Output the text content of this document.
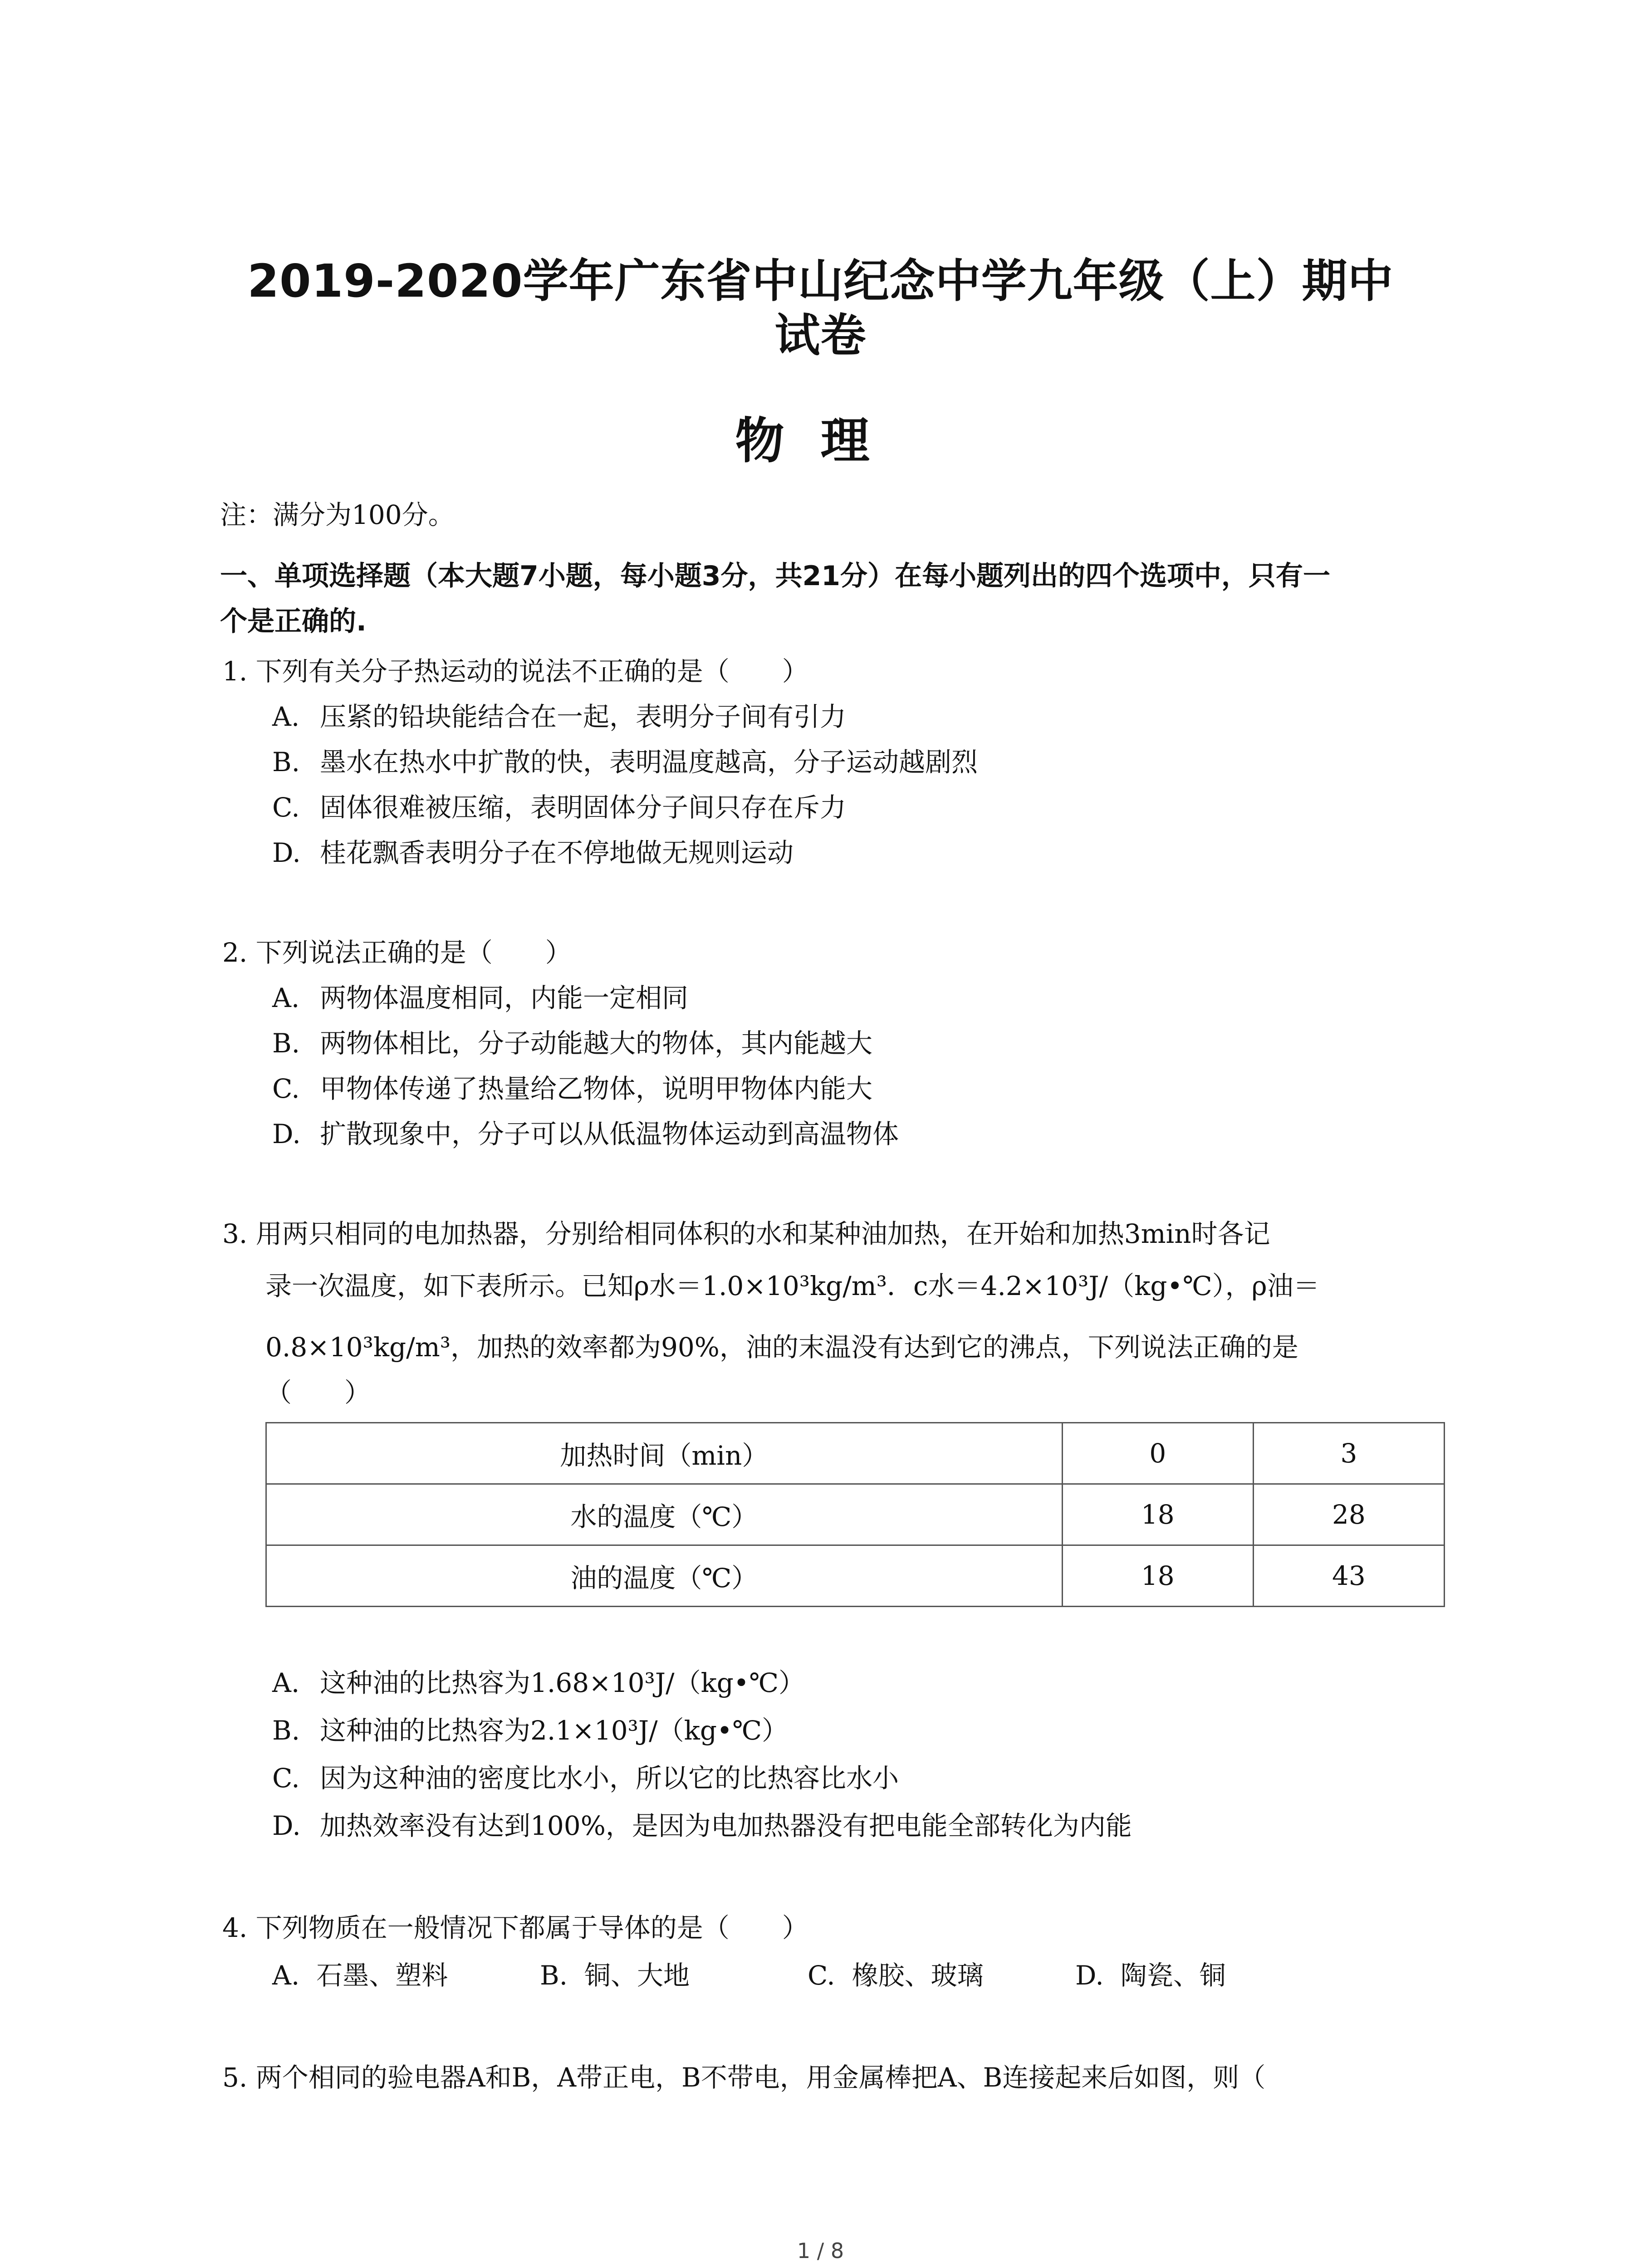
2019-2020学年广东省中山纪念中学九年级（上）期中
试卷
物理
注：满分为100分。
一、单项选择题（本大题7小题，每小题3分，共21分）在每小题列出的四个选项中，只有一
个是正确的.
1. 下列有关分子热运动的说法不正确的是（　　）
A. 压紧的铅块能结合在一起，表明分子间有引力
B. 墨水在热水中扩散的快，表明温度越高，分子运动越剧烈
C. 固体很难被压缩，表明固体分子间只存在斥力
D. 桂花飘香表明分子在不停地做无规则运动
2. 下列说法正确的是（　　）
A. 两物体温度相同，内能一定相同
B. 两物体相比，分子动能越大的物体，其内能越大
C. 甲物体传递了热量给乙物体，说明甲物体内能大
D. 扩散现象中，分子可以从低温物体运动到高温物体
3. 用两只相同的电加热器，分别给相同体积的水和某种油加热，在开始和加热3min时各记
录一次温度，如下表所示。已知ρ水＝1.0×10³kg/m³．c水＝4.2×10³J/（kg•℃），ρ油＝
0.8×10³kg/m³，加热的效率都为90%，油的末温没有达到它的沸点，下列说法正确的是
（　　）
加热时间（min）	0	3
水的温度（℃）	18	28
油的温度（℃）	18	43
A. 这种油的比热容为1.68×10³J/（kg•℃）
B. 这种油的比热容为2.1×10³J/（kg•℃）
C. 因为这种油的密度比水小，所以它的比热容比水小
D. 加热效率没有达到100%，是因为电加热器没有把电能全部转化为内能
4. 下列物质在一般情况下都属于导体的是（　　）
A. 石墨、塑料	B. 铜、大地	C. 橡胶、玻璃	D. 陶瓷、铜
5. 两个相同的验电器A和B，A带正电，B不带电，用金属棒把A、B连接起来后如图，则（
1 / 8
